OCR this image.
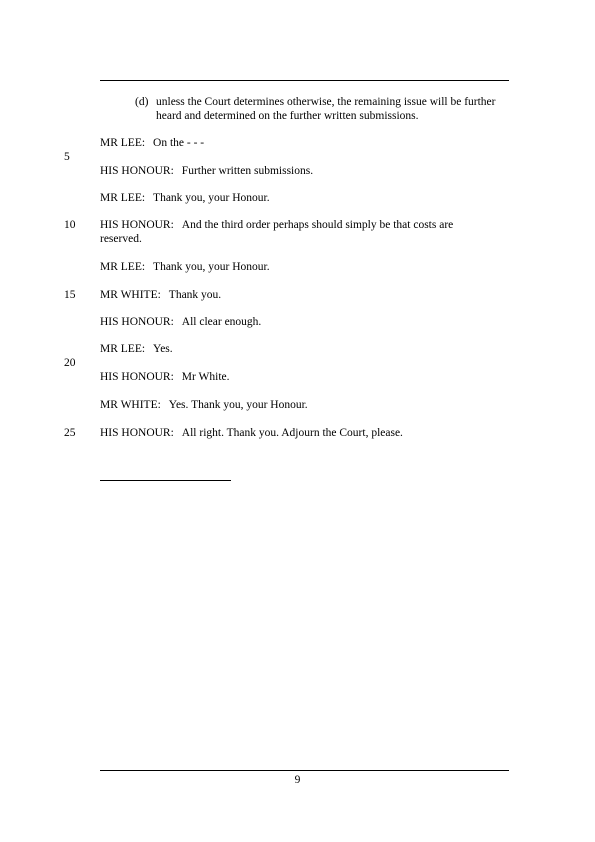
(d) unless the Court determines otherwise, the remaining issue will be further heard and determined on the further written submissions.
MR LEE: On the - - -
5
HIS HONOUR: Further written submissions.
MR LEE: Thank you, your Honour.
10	HIS HONOUR: And the third order perhaps should simply be that costs are reserved.
MR LEE: Thank you, your Honour.
15	MR WHITE: Thank you.
HIS HONOUR: All clear enough.
MR LEE: Yes.
20
HIS HONOUR: Mr White.
MR WHITE: Yes. Thank you, your Honour.
25	HIS HONOUR: All right. Thank you. Adjourn the Court, please.
9
